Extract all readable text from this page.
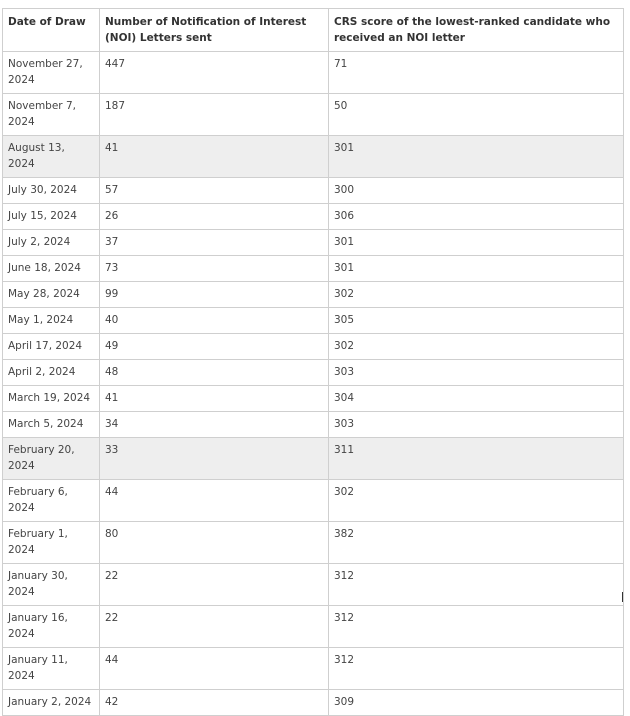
Date of Draw	Number of Notification of Interest (NOI) Letters sent	CRS score of the lowest-ranked candidate who received an NOI letter
November 27, 2024	447	71
November 7, 2024	187	50
August 13, 2024	41	301
July 30, 2024	57	300
July 15, 2024	26	306
July 2, 2024	37	301
June 18, 2024	73	301
May 28, 2024	99	302
May 1, 2024	40	305
April 17, 2024	49	302
April 2, 2024	48	303
March 19, 2024	41	304
March 5, 2024	34	303
February 20, 2024	33	311
February 6, 2024	44	302
February 1, 2024	80	382
January 30, 2024	22	312
January 16, 2024	22	312
January 11, 2024	44	312
January 2, 2024	42	309
